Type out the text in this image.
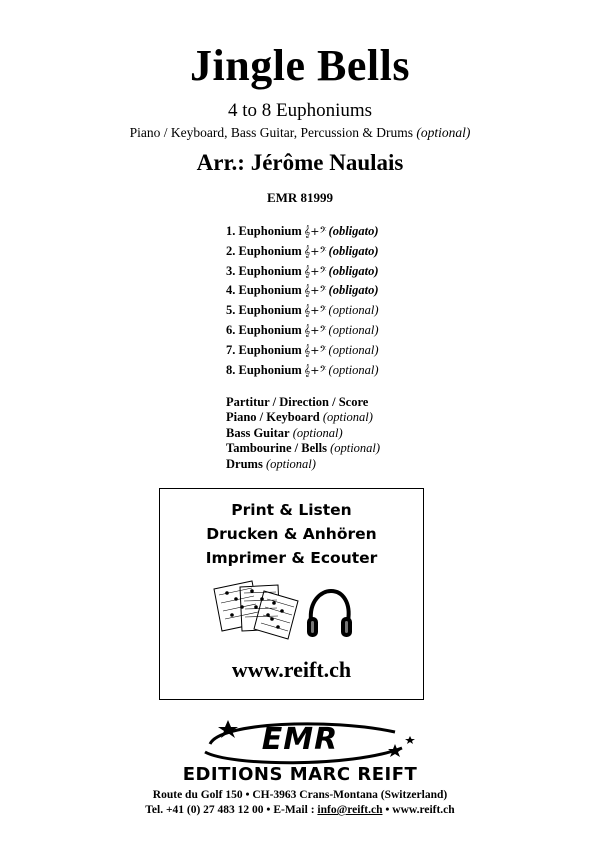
Jingle Bells
4 to 8 Euphoniums
Piano / Keyboard, Bass Guitar, Percussion & Drums (optional)
Arr.: Jérôme Naulais
EMR 81999
1. Euphonium 𝄞+𝄢 (obligato)
2. Euphonium 𝄞+𝄢 (obligato)
3. Euphonium 𝄞+𝄢 (obligato)
4. Euphonium 𝄞+𝄢 (obligato)
5. Euphonium 𝄞+𝄢 (optional)
6. Euphonium 𝄞+𝄢 (optional)
7. Euphonium 𝄞+𝄢 (optional)
8. Euphonium 𝄞+𝄢 (optional)
Partitur / Direction / Score
Piano / Keyboard (optional)
Bass Guitar (optional)
Tambourine / Bells (optional)
Drums (optional)
Print & Listen
Drucken & Anhören
Imprimer & Ecouter
www.reift.ch
EMR
EDITIONS MARC REIFT
Route du Golf 150 • CH-3963 Crans-Montana (Switzerland)
Tel. +41 (0) 27 483 12 00 • E-Mail : info@reift.ch • www.reift.ch
